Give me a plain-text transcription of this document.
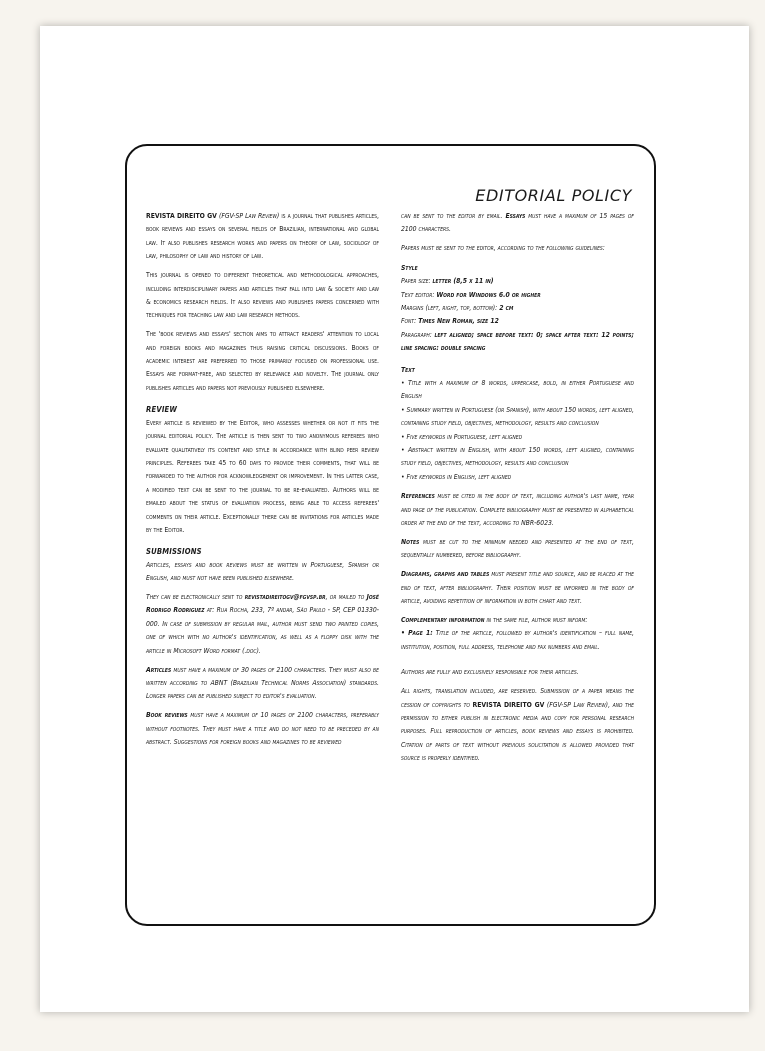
EDITORIAL POLICY

REVISTA DIREITO GV (FGV-SP Law Review) is a journal that publishes articles, book reviews and essays on several fields of Brazilian, international and global law. It also publishes research works and papers on theory of law, sociology of law, philosophy of law and history of law.

This journal is opened to different theoretical and methodological approaches, including interdisciplinary papers and articles that fall into law & society and law & economics research fields. It also reviews and publishes papers concerned with techniques for teaching law and law research methods.

The 'book reviews and essays' section aims to attract readers' attention to local and foreign books and magazines thus raising critical discussions. Books of academic interest are preferred to those primarily focused on professional use. Essays are format-free, and selected by relevance and novelty. The journal only publishes articles and papers not previously published elsewhere.

REVIEW

Every article is reviewed by the Editor, who assesses whether or not it fits the journal editorial policy. The article is then sent to two anonymous referees who evaluate qualitatively its content and style in accordance with blind peer review principles. Referees take 45 to 60 days to provide their comments, that will be forwarded to the author for acknowledgement or improvement. In this latter case, a modified text can be sent to the journal to be re-evaluated. Authors will be emailed about the status of evaluation process, being able to access referees' comments on their article. Exceptionally there can be invitations for articles made by the Editor.

SUBMISSIONS

Articles, essays and book reviews must be written in Portuguese, Spanish or English, and must not have been published elsewhere.

They can be electronically sent to revistadireitogv@fgvsp.br, or mailed to José Rodrigo Rodriguez at: Rua Rocha, 233, 7º andar, São Paulo - SP, CEP 01330-000. In case of submission by regular mail, author must send two printed copies, one of which with no author's identification, as well as a floppy disk with the article in Microsoft Word format (.doc).

Articles must have a maximum of 30 pages of 2100 characters. They must also be written according to ABNT (Brazilian Technical Norms Association) standards. Longer papers can be published subject to editor's evaluation.

Book reviews must have a maximum of 10 pages of 2100 characters, preferably without footnotes. They must have a title and do not need to be preceded by an abstract. Suggestions for foreign books and magazines to be reviewed

can be sent to the editor by email. Essays must have a maximum of 15 pages of 2100 characters.

Papers must be sent to the editor, according to the following guidelines:

Style
Paper size: letter (8,5 x 11 in)
Text editor: Word for Windows 6.0 or higher
Margins (left, right, top, bottom): 2 cm
Font: Times New Roman, size 12
Paragraph: left aligned; space before text: 0; space after text: 12 points; line spacing: double spacing
Text
• Title with a maximum of 8 words, uppercase, bold, in either Portuguese and English
• Summary written in Portuguese (or Spanish), with about 150 words, left aligned, containing study field, objectives, methodology, results and conclusion
• Five keywords in Portuguese, left aligned
• Abstract written in English, with about 150 words, left aligned, containing study field, objectives, methodology, results and conclusion
• Five keywords in English, left aligned

References must be cited in the body of text, including author's last name, year and page of the publication. Complete bibliography must be presented in alphabetical order at the end of the text, according to NBR-6023.

Notes must be cut to the minimum needed and presented at the end of text, sequentially numbered, before bibliography.

Diagrams, graphs and tables must present title and source, and be placed at the end of text, after bibliography. Their position must be informed in the body of article, avoiding repetition of information in both chart and text.

Complementary information in the same file, author must inform:

• Page 1: Title of the article, followed by author's identification – full name, institution, position, full address, telephone and fax numbers and email.

Authors are fully and exclusively responsible for their articles.

All rights, translation included, are reserved. Submission of a paper means the cession of copyrights to REVISTA DIREITO GV (FGV-SP Law Review), and the permission to either publish in electronic media and copy for personal research purposes. Full reproduction of articles, book reviews and essays is prohibited. Citation of parts of text without previous solicitation is allowed provided that source is properly identified.
